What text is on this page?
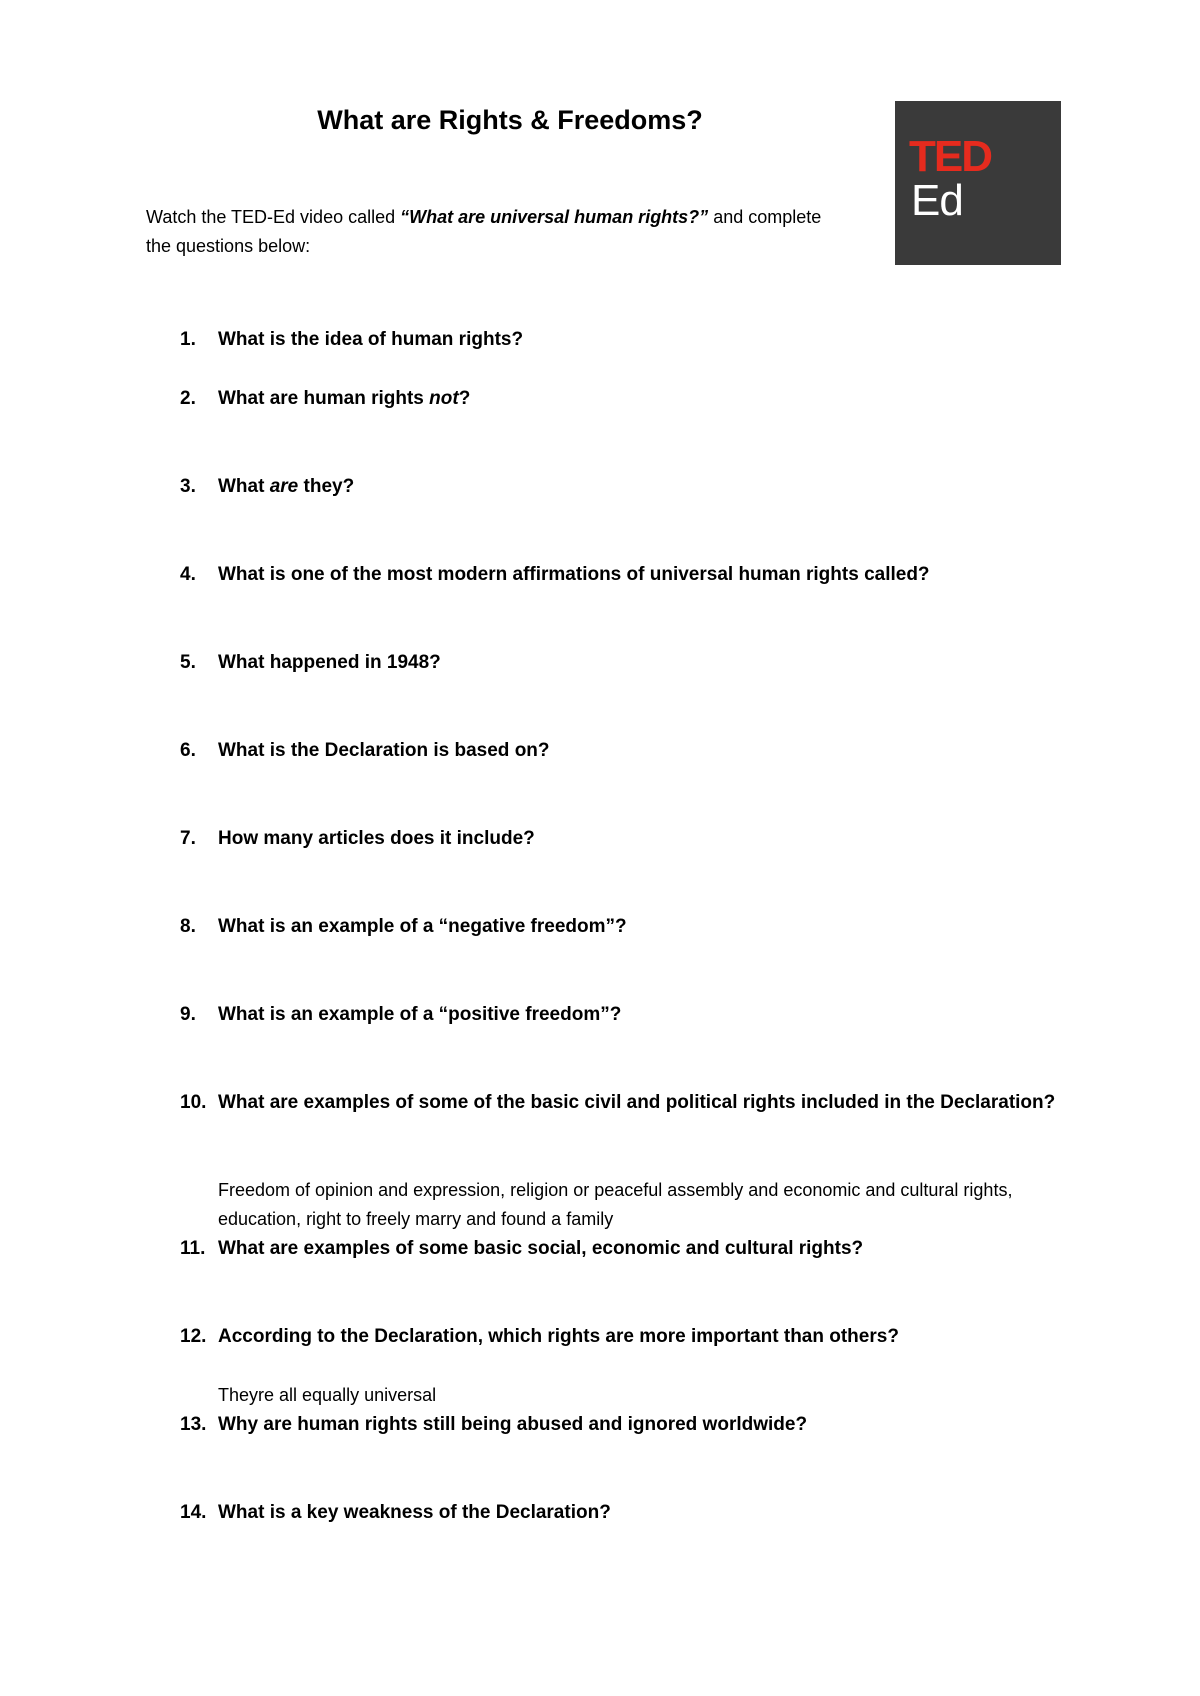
What are Rights & Freedoms?
Watch the TED-Ed video called “What are universal human rights?” and complete the questions below:
TED
Ed
1.	What is the idea of human rights?
2.	What are human rights not?
3.	What are they?
4.	What is one of the most modern affirmations of universal human rights called?
5.	What happened in 1948?
6.	What is the Declaration is based on?
7.	How many articles does it include?
8.	What is an example of a “negative freedom”?
9.	What is an example of a “positive freedom”?
10. What are examples of some of the basic civil and political rights included in the Declaration?
Freedom of opinion and expression, religion or peaceful assembly and economic and cultural rights, education, right to freely marry and found a family
11. What are examples of some basic social, economic and cultural rights?
12. According to the Declaration, which rights are more important than others?
Theyre all equally universal
13. Why are human rights still being abused and ignored worldwide?
14. What is a key weakness of the Declaration?
